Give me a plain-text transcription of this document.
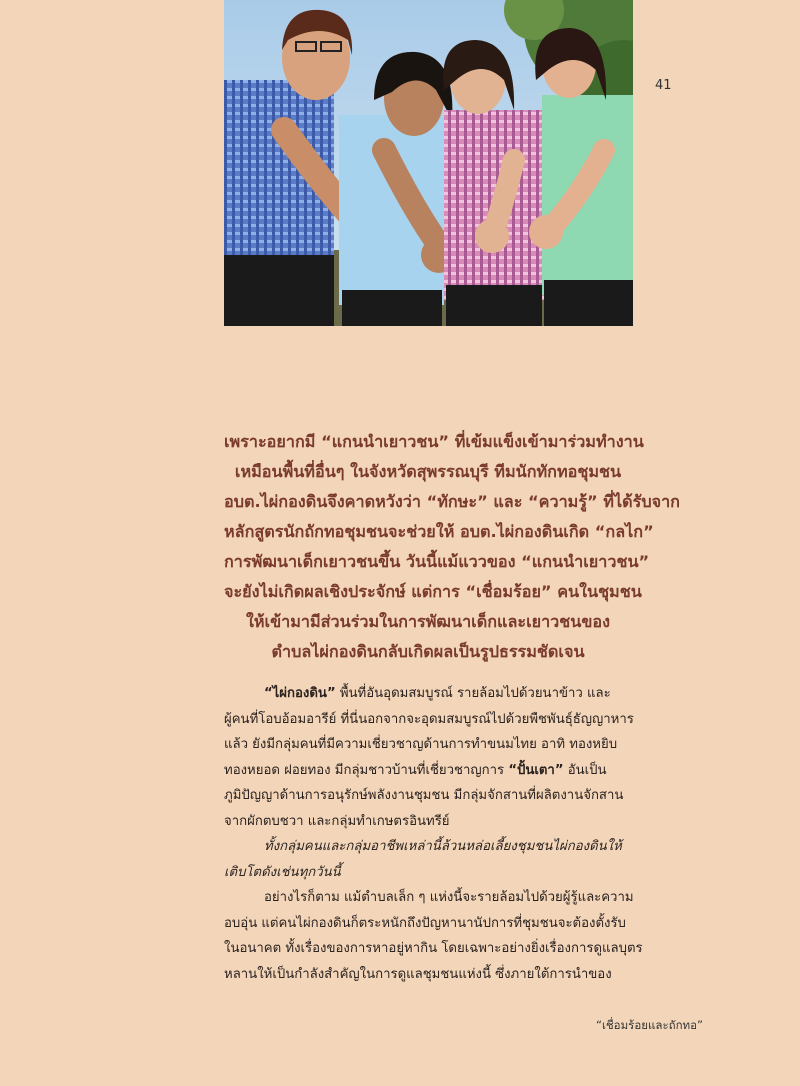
41
เพราะอยากมี “แกนนำเยาวชน” ที่เข้มแข็งเข้ามาร่วมทำงาน
เหมือนพื้นที่อื่นๆ ในจังหวัดสุพรรณบุรี ทีมนักทักทอชุมชน
อบต.ไผ่กองดินจึงคาดหวังว่า “ทักษะ” และ “ความรู้” ที่ได้รับจาก
หลักสูตรนักถักทอชุมชนจะช่วยให้ อบต.ไผ่กองดินเกิด “กลไก”
การพัฒนาเด็กเยาวชนขึ้น วันนี้แม้แววของ “แกนนำเยาวชน”
จะยังไม่เกิดผลเชิงประจักษ์ แต่การ “เชื่อมร้อย” คนในชุมชน
ให้เข้ามามีส่วนร่วมในการพัฒนาเด็กและเยาวชนของ
ตำบลไผ่กองดินกลับเกิดผลเป็นรูปธรรมชัดเจน
“ไผ่กองดิน” พื้นที่อันอุดมสมบูรณ์ รายล้อมไปด้วยนาข้าว และ
ผู้คนที่โอบอ้อมอารีย์ ที่นี่นอกจากจะอุดมสมบูรณ์ไปด้วยพืชพันธุ์ธัญญาหาร
แล้ว ยังมีกลุ่มคนที่มีความเชี่ยวชาญด้านการทำขนมไทย อาทิ ทองหยิบ
ทองหยอด ฝอยทอง มีกลุ่มชาวบ้านที่เชี่ยวชาญการ “ปั้นเตา” อันเป็น
ภูมิปัญญาด้านการอนุรักษ์พลังงานชุมชน มีกลุ่มจักสานที่ผลิตงานจักสาน
จากผักตบชวา และกลุ่มทำเกษตรอินทรีย์
ทั้งกลุ่มคนและกลุ่มอาชีพเหล่านี้ล้วนหล่อเลี้ยงชุมชนไผ่กองดินให้
เติบโตดังเช่นทุกวันนี้
อย่างไรก็ตาม แม้ตำบลเล็ก ๆ แห่งนี้จะรายล้อมไปด้วยผู้รู้และความ
อบอุ่น แต่คนไผ่กองดินก็ตระหนักถึงปัญหานานัปการที่ชุมชนจะต้องตั้งรับ
ในอนาคต ทั้งเรื่องของการหาอยู่หากิน โดยเฉพาะอย่างยิ่งเรื่องการดูแลบุตร
หลานให้เป็นกำลังสำคัญในการดูแลชุมชนแห่งนี้ ซึ่งภายใต้การนำของ
“เชื่อมร้อยและถักทอ”
